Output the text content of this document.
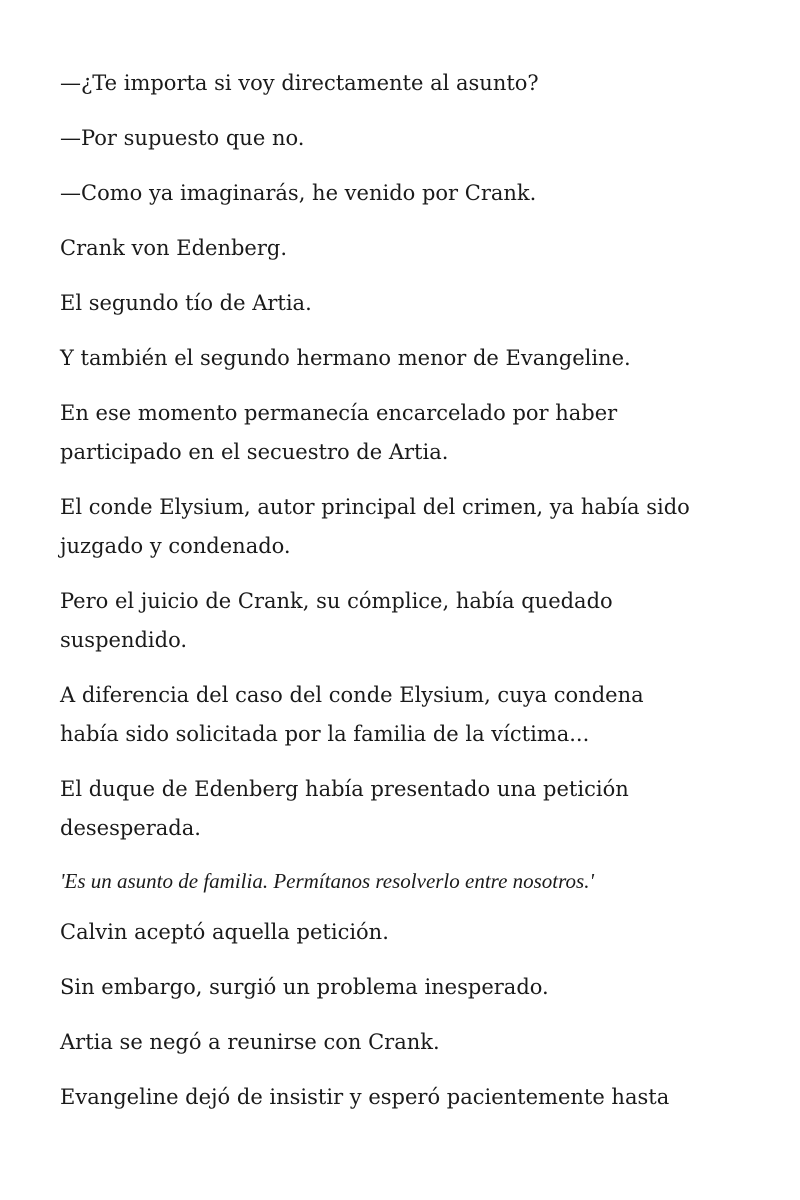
—¿Te importa si voy directamente al asunto?

—Por supuesto que no.

—Como ya imaginarás, he venido por Crank.

Crank von Edenberg.

El segundo tío de Artia.

Y también el segundo hermano menor de Evangeline.

En ese momento permanecía encarcelado por haber
participado en el secuestro de Artia.

El conde Elysium, autor principal del crimen, ya había sido
juzgado y condenado.

Pero el juicio de Crank, su cómplice, había quedado
suspendido.

A diferencia del caso del conde Elysium, cuya condena
había sido solicitada por la familia de la víctima...

El duque de Edenberg había presentado una petición
desesperada.

'Es un asunto de familia. Permítanos resolverlo entre nosotros.'

Calvin aceptó aquella petición.

Sin embargo, surgió un problema inesperado.

Artia se negó a reunirse con Crank.

Evangeline dejó de insistir y esperó pacientemente hasta
